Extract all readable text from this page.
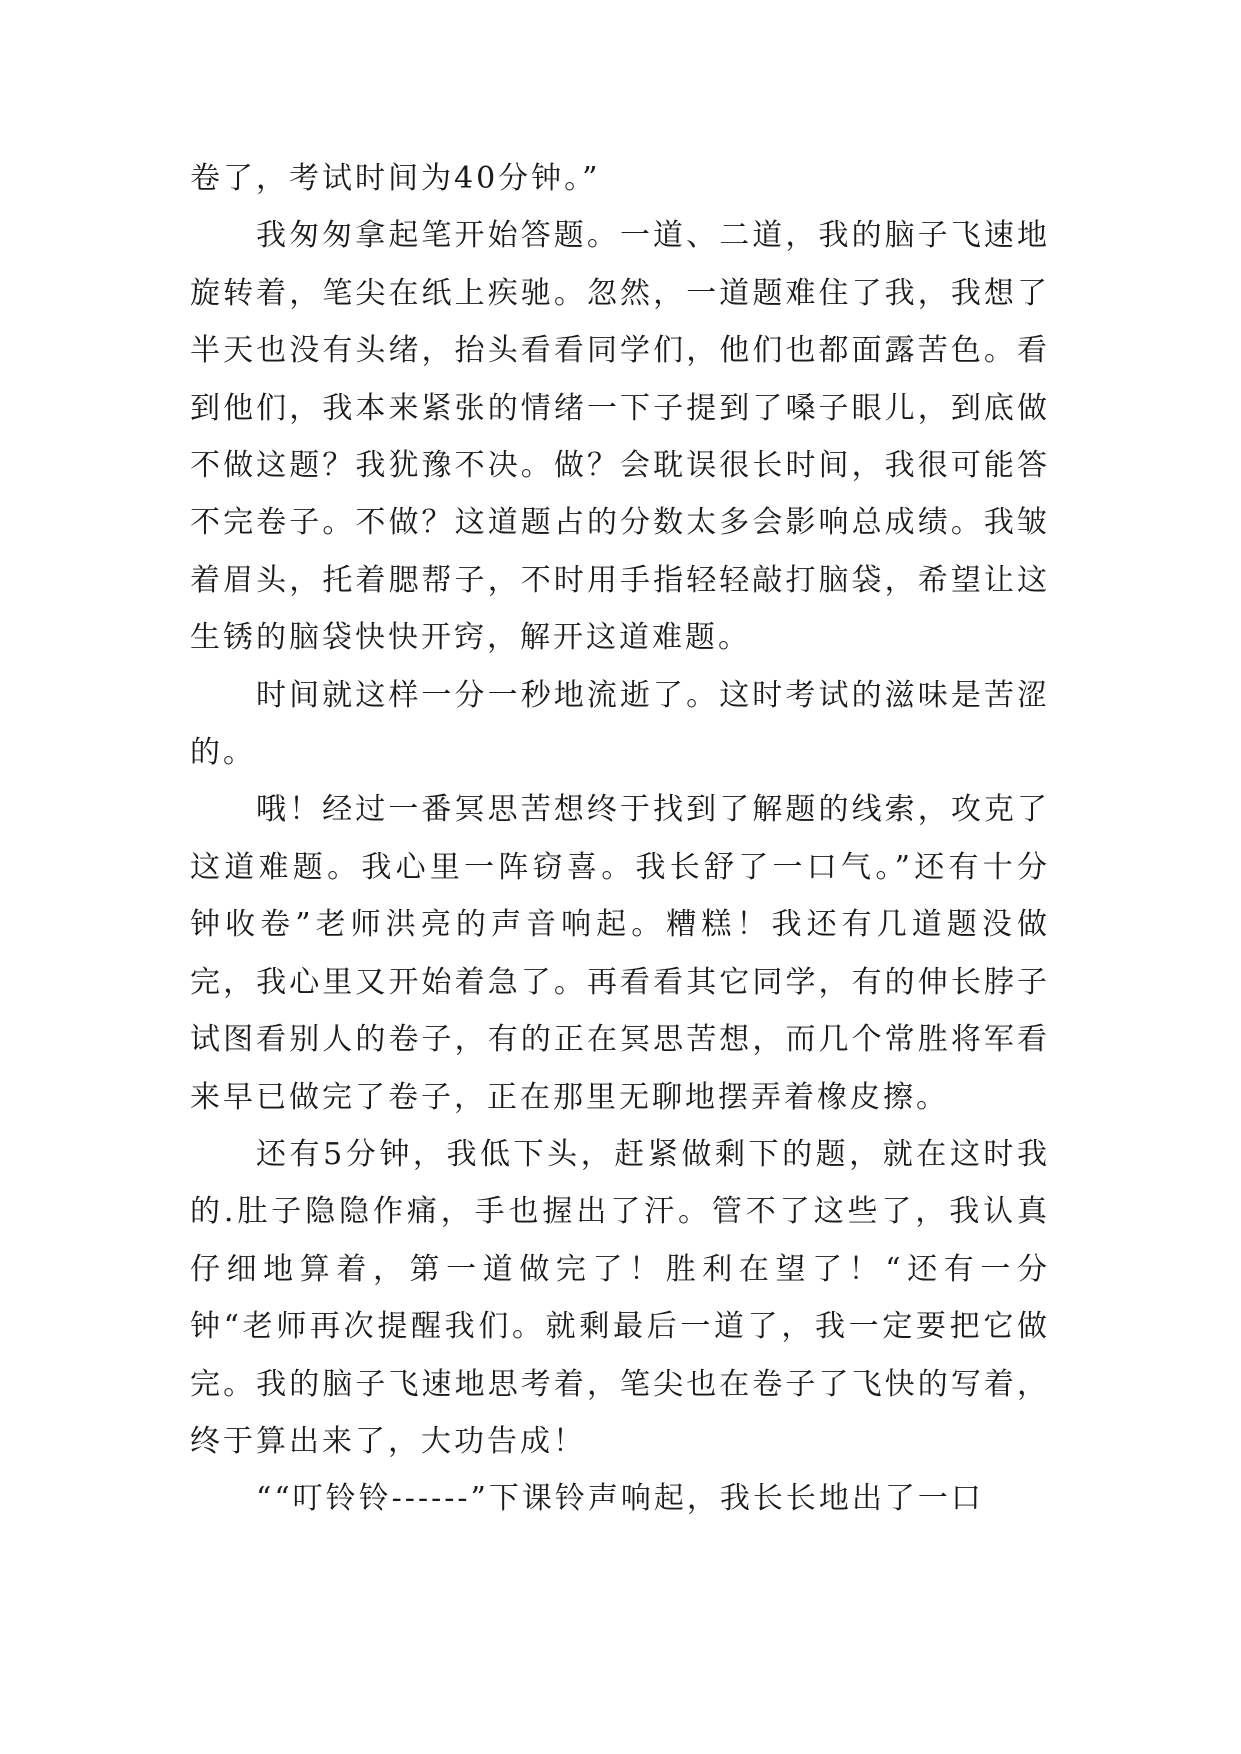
卷了，考试时间为40分钟。”

我匆匆拿起笔开始答题。一道、二道，我的脑子飞速地旋转着，笔尖在纸上疾驰。忽然，一道题难住了我，我想了半天也没有头绪，抬头看看同学们，他们也都面露苦色。看到他们，我本来紧张的情绪一下子提到了嗓子眼儿，到底做不做这题？我犹豫不决。做？会耽误很长时间，我很可能答不完卷子。不做？这道题占的分数太多会影响总成绩。我皱着眉头，托着腮帮子，不时用手指轻轻敲打脑袋，希望让这生锈的脑袋快快开窍，解开这道难题。

时间就这样一分一秒地流逝了。这时考试的滋味是苦涩的。

哦！经过一番冥思苦想终于找到了解题的线索，攻克了这道难题。我心里一阵窃喜。我长舒了一口气。”还有十分钟收卷”老师洪亮的声音响起。糟糕！我还有几道题没做完，我心里又开始着急了。再看看其它同学，有的伸长脖子试图看别人的卷子，有的正在冥思苦想，而几个常胜将军看来早已做完了卷子，正在那里无聊地摆弄着橡皮擦。

还有5分钟，我低下头，赶紧做剩下的题，就在这时我的.肚子隐隐作痛，手也握出了汗。管不了这些了，我认真仔细地算着，第一道做完了！胜利在望了！“还有一分钟“老师再次提醒我们。就剩最后一道了，我一定要把它做完。我的脑子飞速地思考着，笔尖也在卷子了飞快的写着，终于算出来了，大功告成！

““叮铃铃------”下课铃声响起，我长长地出了一口
